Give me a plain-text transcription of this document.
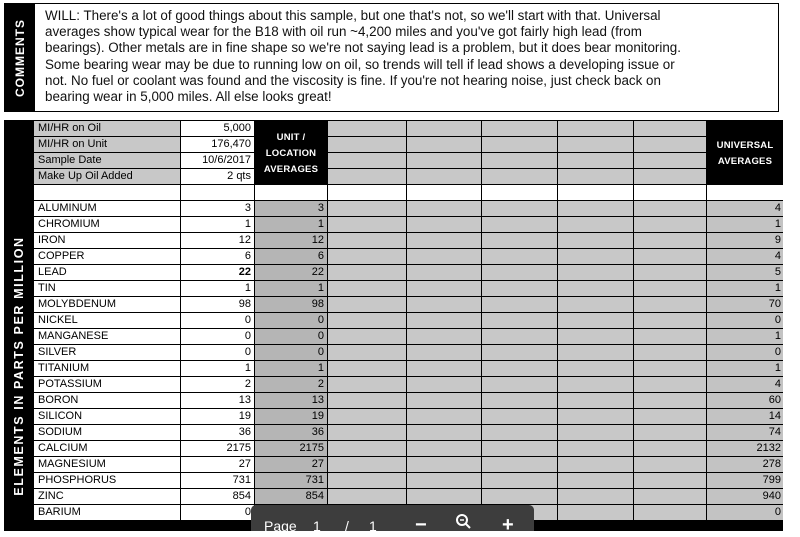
COMMENTS
WILL: There's a lot of good things about this sample, but one that's not, so we'll start with that. Universal
averages show typical wear for the B18 with oil run ~4,200 miles and you've got fairly high lead (from
bearings). Other metals are in fine shape so we're not saying lead is a problem, but it does bear monitoring.
Some bearing wear may be due to running low on oil, so trends will tell if lead shows a developing issue or
not. No fuel or coolant was found and the viscosity is fine. If you're not hearing noise, just check back on
bearing wear in 5,000 miles. All else looks great!
ELEMENTS IN PARTS PER MILLION
UNIT /
LOCATION
AVERAGES
UNIVERSAL
AVERAGES
MI/HR on Oil	5,000
MI/HR on Unit	176,470
Sample Date	10/6/2017
Make Up Oil Added	2 qts
ALUMINUM	3	3	4
CHROMIUM	1	1	1
IRON	12	12	9
COPPER	6	6	4
LEAD	22	22	5
TIN	1	1	1
MOLYBDENUM	98	98	70
NICKEL	0	0	0
MANGANESE	0	0	1
SILVER	0	0	0
TITANIUM	1	1	1
POTASSIUM	2	2	4
BORON	13	13	60
SILICON	19	19	14
SODIUM	36	36	74
CALCIUM	2175	2175	2132
MAGNESIUM	27	27	278
PHOSPHORUS	731	731	799
ZINC	854	854	940
BARIUM	0	0
Page 1 / 1 −	+
